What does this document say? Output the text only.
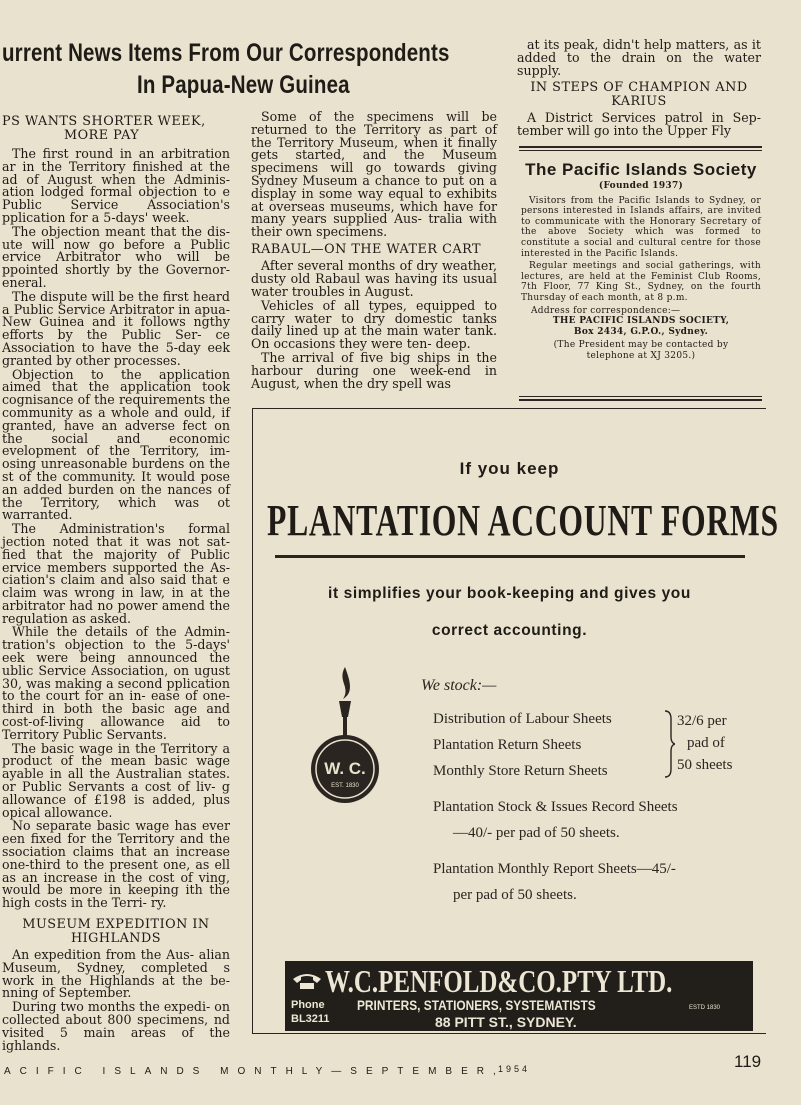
urrent News Items From Our Correspondents
In Papua-New Guinea
PS WANTS SHORTER WEEK,
MORE PAY

The first round in an arbitration ar in the Territory finished at the ad of August when the Adminis- ation lodged formal objection to e Public Service Association's pplication for a 5-days' week.

The objection meant that the dis- ute will now go before a Public ervice Arbitrator who will be ppointed shortly by the Governor- eneral.

The dispute will be the first heard a Public Service Arbitrator in apua-New Guinea and it follows ngthy efforts by the Public Ser- ce Association to have the 5-day eek granted by other processes.

Objection to the application aimed that the application took cognisance of the requirements the community as a whole and ould, if granted, have an adverse fect on the social and economic evelopment of the Territory, im- osing unreasonable burdens on the st of the community. It would pose an added burden on the nances of the Territory, which was ot warranted.

The Administration's formal jection noted that it was not sat- fied that the majority of Public ervice members supported the As- ciation's claim and also said that e claim was wrong in law, in at the arbitrator had no power amend the regulation as asked.

While the details of the Admin- tration's objection to the 5-days' eek were being announced the ublic Service Association, on ugust 30, was making a second pplication to the court for an in- ease of one-third in both the basic age and cost-of-living allowance aid to Territory Public Servants.

The basic wage in the Territory a product of the mean basic wage ayable in all the Australian states. or Public Servants a cost of liv- g allowance of £198 is added, plus opical allowance.

No separate basic wage has ever een fixed for the Territory and the ssociation claims that an increase one-third to the present one, as ell as an increase in the cost of ving, would be more in keeping ith the high costs in the Terri- ry.

MUSEUM EXPEDITION IN
HIGHLANDS

An expedition from the Aus- alian Museum, Sydney, completed s work in the Highlands at the be- nning of September.

During two months the expedi- on collected about 800 specimens, nd visited 5 main areas of the ighlands.

Some of the specimens will be returned to the Territory as part of the Territory Museum, when it finally gets started, and the Museum specimens will go towards giving Sydney Museum a chance to put on a display in some way equal to exhibits at overseas museums, which have for many years supplied Aus- tralia with their own specimens.

RABAUL—ON THE WATER CART

After several months of dry weather, dusty old Rabaul was having its usual water troubles in August.

Vehicles of all types, equipped to carry water to dry domestic tanks daily lined up at the main water tank. On occasions they were ten- deep.

The arrival of five big ships in the harbour during one week-end in August, when the dry spell was

at its peak, didn't help matters, as it added to the drain on the water supply.

IN STEPS OF CHAMPION AND
KARIUS

A District Services patrol in Sep- tember will go into the Upper Fly

The Pacific Islands Society
(Founded 1937)

Visitors from the Pacific Islands to Sydney, or persons interested in Islands affairs, are invited to communicate with the Honorary Secretary of the above Society which was formed to constitute a social and cultural centre for those interested in the Pacific Islands.

Regular meetings and social gatherings, with lectures, are held at the Feminist Club Rooms, 7th Floor, 77 King St., Sydney, on the fourth Thursday of each month, at 8 p.m.

Address for correspondence:—
THE PACIFIC ISLANDS SOCIETY,
Box 2434, G.P.O., Sydney.
(The President may be contacted by
telephone at XJ 3205.)
If you keep
PLANTATION ACCOUNT FORMS
it simplifies your book-keeping and gives you
correct accounting.
W. C.
EST. 1830
We stock:—
Distribution of Labour Sheets
Plantation Return Sheets
Monthly Store Return Sheets
32/6 per
pad of
50 sheets
Plantation Stock & Issues Record Sheets
—40/- per pad of 50 sheets.
Plantation Monthly Report Sheets—45/-
per pad of 50 sheets.
W.C.PENFOLD&CO.PTY LTD.
Phone
BL3211
PRINTERS, STATIONERS, SYSTEMATISTS
88 PITT ST., SYDNEY.
ESTD 1830
ACIFIC ISLANDS MONTHLY—SEPTEMBER,
1954	119
